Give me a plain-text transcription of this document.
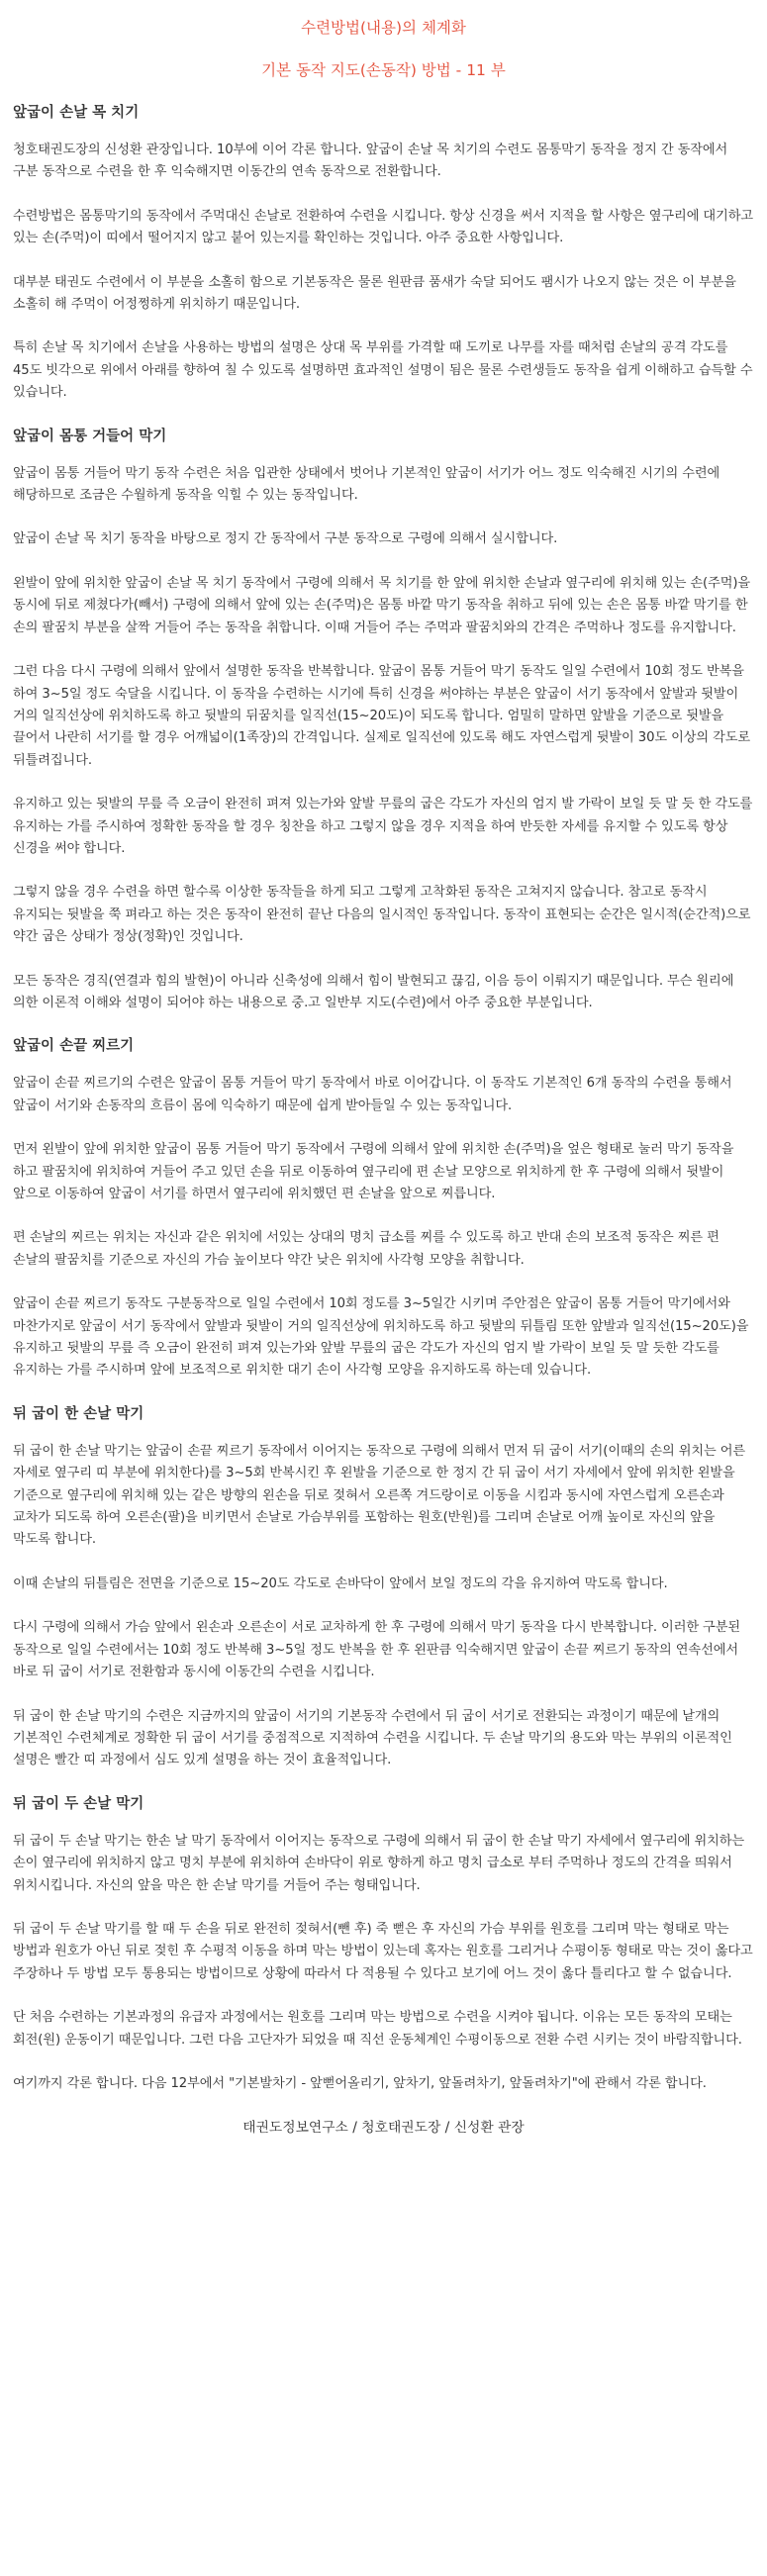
수련방법(내용)의 체계화
기본 동작 지도(손동작) 방법 - 11 부
앞굽이 손날 목 치기

청호태권도장의 신성환 관장입니다. 10부에 이어 각론 합니다. 앞굽이 손날 목 치기의 수련도 몸통막기 동작을 정지 간 동작에서 구분 동작으로 수련을 한 후 익숙해지면 이동간의 연속 동작으로 전환합니다.

수련방법은 몸통막기의 동작에서 주먹대신 손날로 전환하여 수련을 시킵니다. 항상 신경을 써서 지적을 할 사항은 옆구리에 대기하고 있는 손(주먹)이 띠에서 떨어지지 않고 붙어 있는지를 확인하는 것입니다. 아주 중요한 사항입니다.

대부분 태권도 수련에서 이 부분을 소홀히 함으로 기본동작은 물론 원판큼 품새가 숙달 되어도 팸시가 나오지 않는 것은 이 부분을 소홀히 해 주먹이 어정쩡하게 위치하기 때문입니다.

특히 손날 목 치기에서 손날을 사용하는 방법의 설명은 상대 목 부위를 가격할 때 도끼로 나무를 자를 때처럼 손날의 공격 각도를 45도 빗각으로 위에서 아래를 향하여 칠 수 있도록 설명하면 효과적인 설명이 됨은 물론 수련생들도 동작을 쉽게 이해하고 습득할 수 있습니다.

앞굽이 몸통 거들어 막기

앞굽이 몸통 거들어 막기 동작 수련은 처음 입관한 상태에서 벗어나 기본적인 앞굽이 서기가 어느 정도 익숙해진 시기의 수련에 해당하므로 조금은 수월하게 동작을 익힐 수 있는 동작입니다.

앞굽이 손날 목 치기 동작을 바탕으로 정지 간 동작에서 구분 동작으로 구령에 의해서 실시합니다.

왼발이 앞에 위치한 앞굽이 손날 목 치기 동작에서 구령에 의해서 목 치기를 한 앞에 위치한 손날과 옆구리에 위치해 있는 손(주먹)을 동시에 뒤로 제쳤다가(빼서) 구령에 의해서 앞에 있는 손(주먹)은 몸통 바깥 막기 동작을 취하고 뒤에 있는 손은 몸통 바깥 막기를 한 손의 팔꿈치 부분을 살짝 거들어 주는 동작을 취합니다. 이때 거들어 주는 주먹과 팔꿈치와의 간격은 주먹하나 정도를 유지합니다.

그런 다음 다시 구령에 의해서 앞에서 설명한 동작을 반복합니다. 앞굽이 몸통 거들어 막기 동작도 일일 수련에서 10회 정도 반복을 하여 3~5일 정도 숙달을 시킵니다. 이 동작을 수련하는 시기에 특히 신경을 써야하는 부분은 앞굽이 서기 동작에서 앞발과 뒷발이 거의 일직선상에 위치하도록 하고 뒷발의 뒤꿈치를 일직선(15~20도)이 되도록 합니다. 엄밀히 말하면 앞발을 기준으로 뒷발을 끌어서 나란히 서기를 할 경우 어깨넓이(1족장)의 간격입니다. 실제로 일직선에 있도록 해도 자연스럽게 뒷발이 30도 이상의 각도로 뒤틀려집니다.

유지하고 있는 뒷발의 무릎 즉 오금이 완전히 펴져 있는가와 앞발 무릎의 굽은 각도가 자신의 엄지 발 가락이 보일 듯 말 듯 한 각도를 유지하는 가를 주시하여 정확한 동작을 할 경우 칭찬을 하고 그렇지 않을 경우 지적을 하여 반듯한 자세를 유지할 수 있도록 항상 신경을 써야 합니다.

그렇지 않을 경우 수련을 하면 할수록 이상한 동작들을 하게 되고 그렇게 고착화된 동작은 고쳐지지 않습니다. 참고로 동작시 유지되는 뒷발을 쭉 펴라고 하는 것은 동작이 완전히 끝난 다음의 일시적인 동작입니다. 동작이 표현되는 순간은 일시적(순간적)으로 약간 굽은 상태가 정상(정확)인 것입니다.

모든 동작은 경직(연결과 힘의 발현)이 아니라 신축성에 의해서 힘이 발현되고 끊김, 이음 등이 이뤄지기 때문입니다. 무슨 원리에 의한 이론적 이해와 설명이 되어야 하는 내용으로 중.고 일반부 지도(수련)에서 아주 중요한 부분입니다.

앞굽이 손끝 찌르기

앞굽이 손끝 찌르기의 수련은 앞굽이 몸통 거들어 막기 동작에서 바로 이어갑니다. 이 동작도 기본적인 6개 동작의 수련을 통해서 앞굽이 서기와 손동작의 흐름이 몸에 익숙하기 때문에 쉽게 받아들일 수 있는 동작입니다.

먼저 왼발이 앞에 위치한 앞굽이 몸통 거들어 막기 동작에서 구령에 의해서 앞에 위치한 손(주먹)을 엎은 형태로 눌러 막기 동작을 하고 팔꿈치에 위치하여 거들어 주고 있던 손을 뒤로 이동하여 옆구리에 편 손날 모양으로 위치하게 한 후 구령에 의해서 뒷발이 앞으로 이동하여 앞굽이 서기를 하면서 옆구리에 위치했던 편 손날을 앞으로 찌릅니다.

편 손날의 찌르는 위치는 자신과 같은 위치에 서있는 상대의 명치 급소를 찌를 수 있도록 하고 반대 손의 보조적 동작은 찌른 편 손날의 팔꿈치를 기준으로 자신의 가슴 높이보다 약간 낮은 위치에 사각형 모양을 취합니다.

앞굽이 손끝 찌르기 동작도 구분동작으로 일일 수련에서 10회 정도를 3~5일간 시키며 주안점은 앞굽이 몸통 거들어 막기에서와 마찬가지로 앞굽이 서기 동작에서 앞발과 뒷발이 거의 일직선상에 위치하도록 하고 뒷발의 뒤틀림 또한 앞발과 일직선(15~20도)을 유지하고 뒷발의 무릎 즉 오금이 완전히 펴져 있는가와 앞발 무릎의 굽은 각도가 자신의 엄지 발 가락이 보일 듯 말 듯한 각도를 유지하는 가를 주시하며 앞에 보조적으로 위치한 대기 손이 사각형 모양을 유지하도록 하는데 있습니다.

뒤 굽이 한 손날 막기

뒤 굽이 한 손날 막기는 앞굽이 손끝 찌르기 동작에서 이어지는 동작으로 구령에 의해서 먼저 뒤 굽이 서기(이때의 손의 위치는 어른 자세로 옆구리 띠 부분에 위치한다)를 3~5회 반복시킨 후 왼발을 기준으로 한 정지 간 뒤 굽이 서기 자세에서 앞에 위치한 왼발을 기준으로 옆구리에 위치해 있는 같은 방향의 왼손을 뒤로 젖혀서 오른쪽 겨드랑이로 이동을 시킴과 동시에 자연스럽게 오른손과 교차가 되도록 하여 오른손(팔)을 비키면서 손날로 가슴부위를 포함하는 원호(반원)를 그리며 손날로 어깨 높이로 자신의 앞을 막도록 합니다.

이때 손날의 뒤틀림은 전면을 기준으로 15~20도 각도로 손바닥이 앞에서 보일 정도의 각을 유지하여 막도록 합니다.

다시 구령에 의해서 가슴 앞에서 왼손과 오른손이 서로 교차하게 한 후 구령에 의해서 막기 동작을 다시 반복합니다. 이러한 구분된 동작으로 일일 수련에서는 10회 정도 반복해 3~5일 정도 반복을 한 후 왼판큼 익숙해지면 앞굽이 손끝 찌르기 동작의 연속선에서 바로 뒤 굽이 서기로 전환함과 동시에 이동간의 수련을 시킵니다.

뒤 굽이 한 손날 막기의 수련은 지금까지의 앞굽이 서기의 기본동작 수련에서 뒤 굽이 서기로 전환되는 과정이기 때문에 낱개의 기본적인 수련체계로 정확한 뒤 굽이 서기를 중점적으로 지적하여 수련을 시킵니다. 두 손날 막기의 용도와 막는 부위의 이론적인 설명은 빨간 띠 과정에서 심도 있게 설명을 하는 것이 효율적입니다.

뒤 굽이 두 손날 막기

뒤 굽이 두 손날 막기는 한손 날 막기 동작에서 이어지는 동작으로 구령에 의해서 뒤 굽이 한 손날 막기 자세에서 옆구리에 위치하는 손이 옆구리에 위치하지 않고 명치 부분에 위치하여 손바닥이 위로 향하게 하고 명치 급소로 부터 주먹하나 정도의 간격을 띄워서 위치시킵니다. 자신의 앞을 막은 한 손날 막기를 거들어 주는 형태입니다.

뒤 굽이 두 손날 막기를 할 때 두 손을 뒤로 완전히 젖혀서(뺀 후) 죽 뻗은 후 자신의 가슴 부위를 원호를 그리며 막는 형태로 막는 방법과 원호가 아닌 뒤로 젖힌 후 수평적 이동을 하며 막는 방법이 있는데 혹자는 원호를 그리거나 수평이동 형태로 막는 것이 옳다고 주장하나 두 방법 모두 통용되는 방법이므로 상황에 따라서 다 적용될 수 있다고 보기에 어느 것이 옳다 틀리다고 할 수 없습니다.

단 처음 수련하는 기본과정의 유급자 과정에서는 원호를 그리며 막는 방법으로 수련을 시켜야 됩니다. 이유는 모든 동작의 모태는 회전(원) 운동이기 때문입니다. 그런 다음 고단자가 되었을 때 직선 운동체계인 수평이동으로 전환 수련 시키는 것이 바람직합니다.

여기까지 각론 합니다. 다음 12부에서 "기본발차기 - 앞뻗어올리기, 앞차기, 앞돌려차기, 앞돌려차기"에 관해서 각론 합니다.

태권도정보연구소 / 청호태권도장 / 신성환 관장
